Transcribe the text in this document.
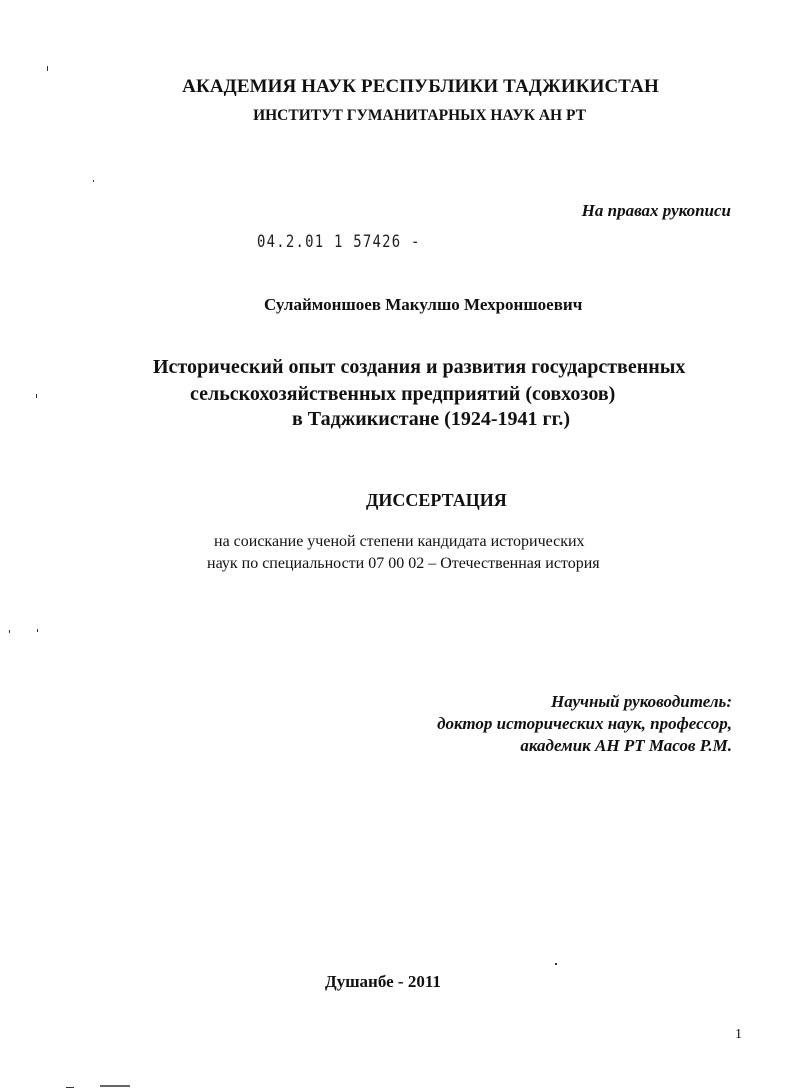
АКАДЕМИЯ НАУК РЕСПУБЛИКИ ТАДЖИКИСТАН
ИНСТИТУТ ГУМАНИТАРНЫХ НАУК АН РТ
На правах рукописи
04.2.01 1 57426 -
Сулаймоншоев Макулшо Мехроншоевич
Исторический опыт создания и развития государственных
сельскохозяйственных предприятий (совхозов)
в Таджикистане (1924-1941 гг.)
ДИССЕРТАЦИЯ
на соискание ученой степени кандидата исторических
наук по специальности 07 00 02 – Отечественная история
Научный руководитель:
доктор исторических наук, профессор,
академик АН РТ Масов Р.М.
Душанбе - 2011
1
